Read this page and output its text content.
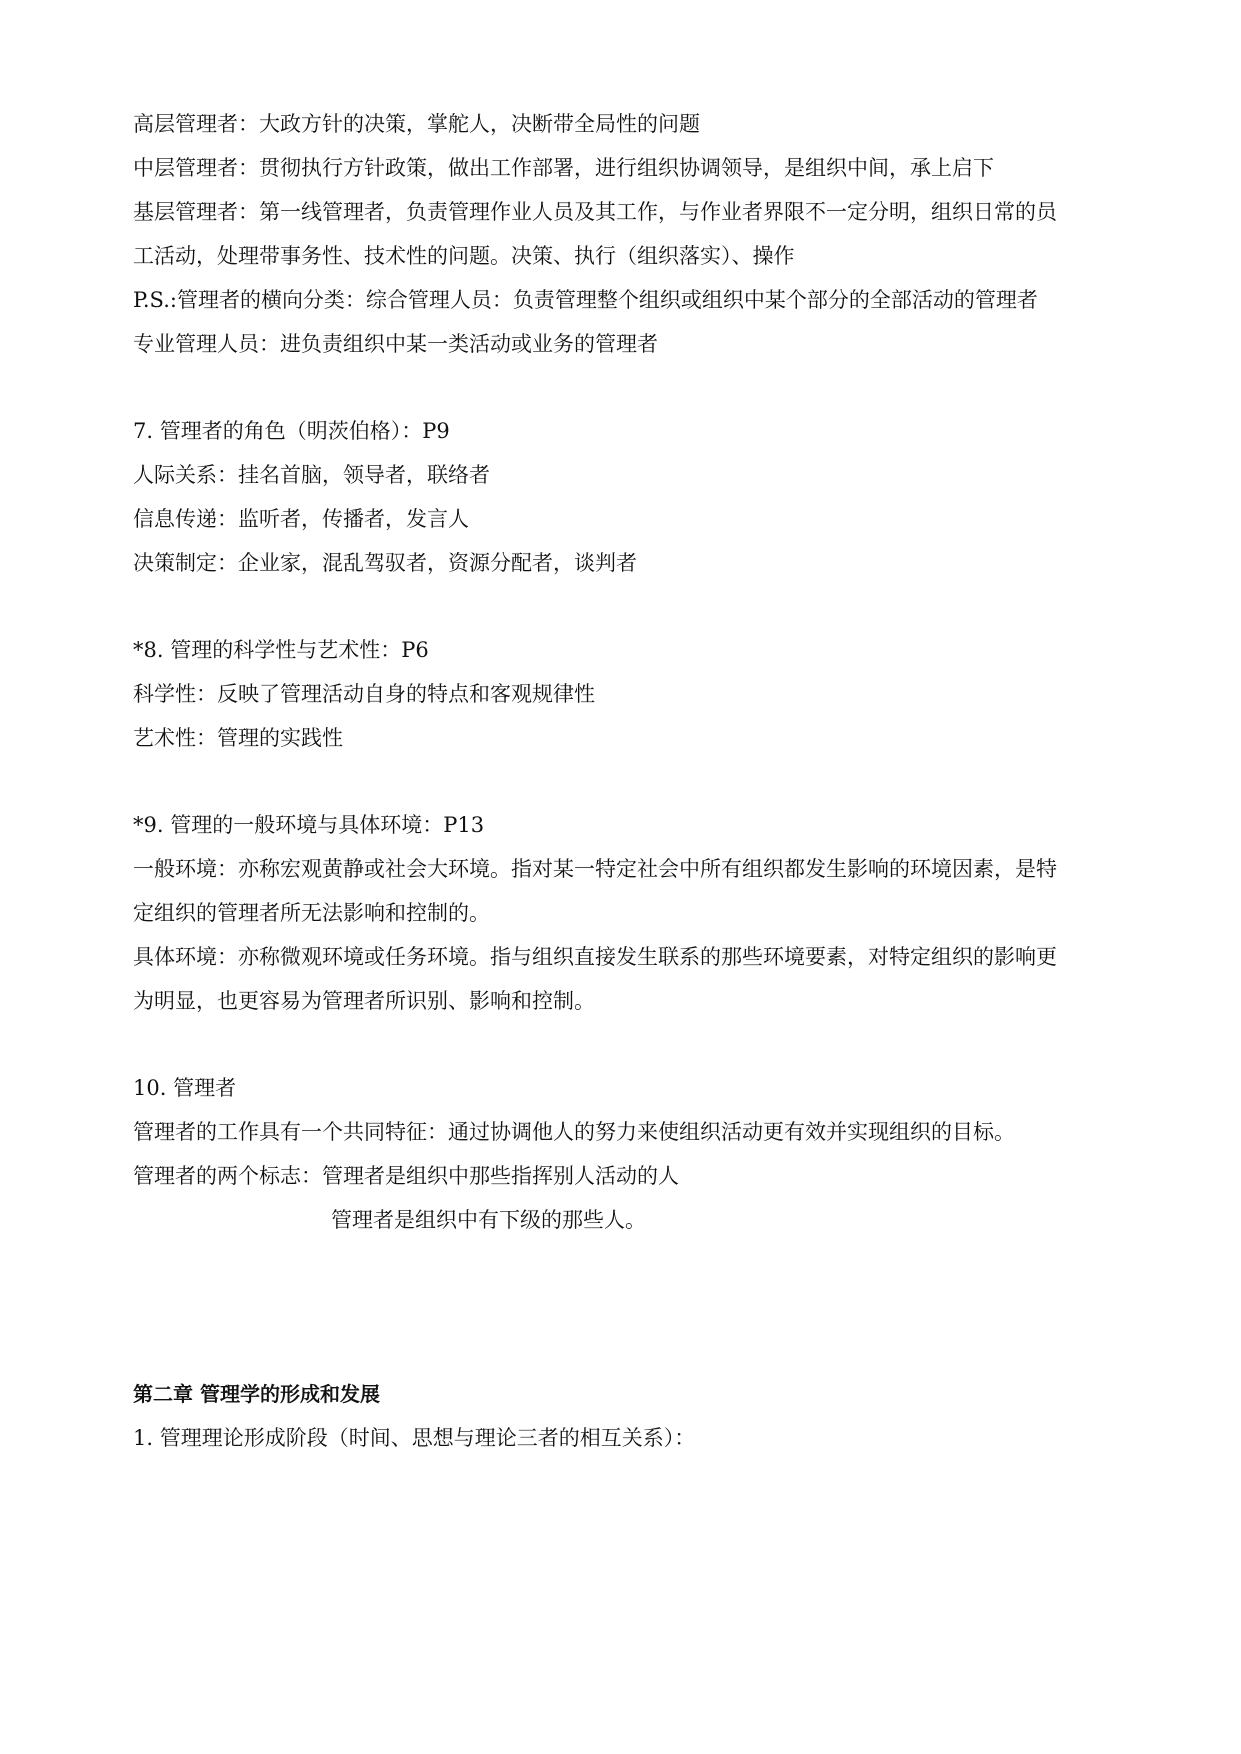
高层管理者：大政方针的决策，掌舵人，决断带全局性的问题
中层管理者：贯彻执行方针政策，做出工作部署，进行组织协调领导，是组织中间，承上启下
基层管理者：第一线管理者，负责管理作业人员及其工作，与作业者界限不一定分明，组织日常的员
工活动，处理带事务性、技术性的问题。决策、执行（组织落实）、操作
P.S.:管理者的横向分类：综合管理人员：负责管理整个组织或组织中某个部分的全部活动的管理者
专业管理人员：进负责组织中某一类活动或业务的管理者
7. 管理者的角色（明茨伯格）：P9
人际关系：挂名首脑，领导者，联络者
信息传递：监听者，传播者，发言人
决策制定：企业家，混乱驾驭者，资源分配者，谈判者
*8. 管理的科学性与艺术性：P6
科学性：反映了管理活动自身的特点和客观规律性
艺术性：管理的实践性
*9. 管理的一般环境与具体环境：P13
一般环境：亦称宏观黄静或社会大环境。指对某一特定社会中所有组织都发生影响的环境因素，是特
定组织的管理者所无法影响和控制的。
具体环境：亦称微观环境或任务环境。指与组织直接发生联系的那些环境要素，对特定组织的影响更
为明显，也更容易为管理者所识别、影响和控制。
10. 管理者
管理者的工作具有一个共同特征：通过协调他人的努力来使组织活动更有效并实现组织的目标。
管理者的两个标志：管理者是组织中那些指挥别人活动的人
管理者是组织中有下级的那些人。
第二章 管理学的形成和发展
1. 管理理论形成阶段（时间、思想与理论三者的相互关系）：
